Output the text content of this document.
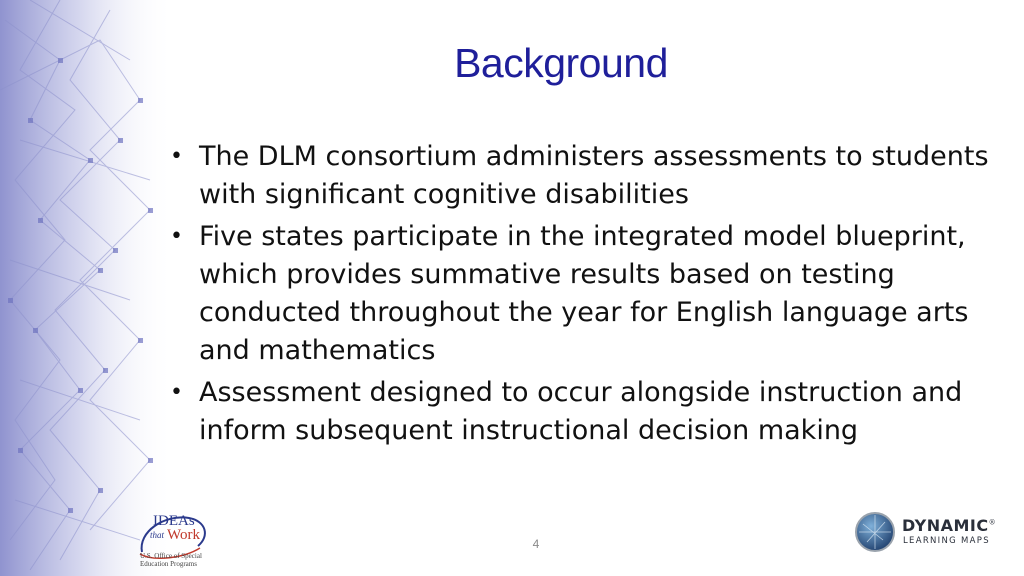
Background
• The DLM consortium administers assessments to students with significant cognitive disabilities
• Five states participate in the integrated model blueprint, which provides summative results based on testing conducted throughout the year for English language arts and mathematics
• Assessment designed to occur alongside instruction and inform subsequent instructional decision making
4
IDEAs
that Work
U.S. Office of Special
Education Programs
DYNAMIC®
LEARNING MAPS
